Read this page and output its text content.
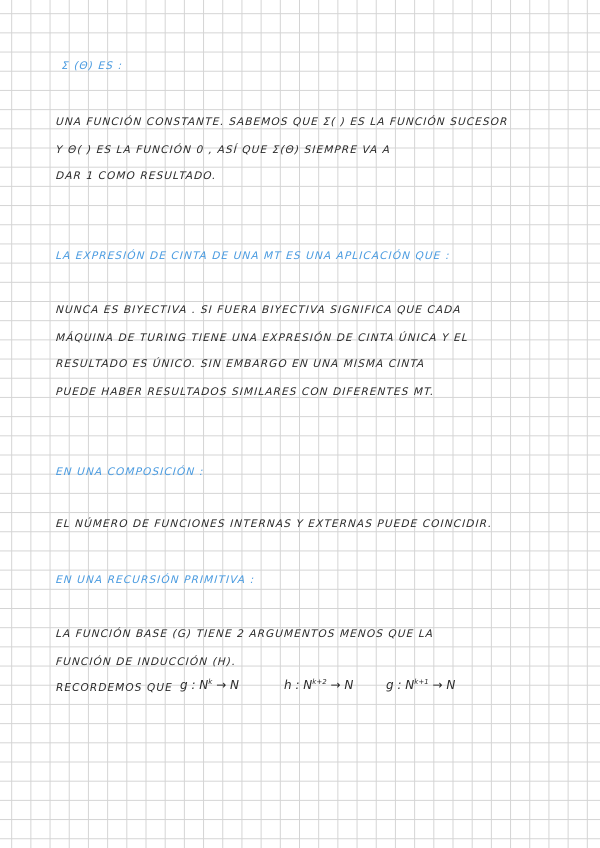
Σ (Θ) ES :
UNA FUNCIÓN CONSTANTE. SABEMOS QUE Σ( ) ES LA FUNCIÓN SUCESOR
Y Θ( ) ES LA FUNCIÓN 0 , ASÍ QUE Σ(Θ) SIEMPRE VA A
DAR 1 COMO RESULTADO.
LA EXPRESIÓN DE CINTA DE UNA MT ES UNA APLICACIÓN QUE :
NUNCA ES BIYECTIVA . SI FUERA BIYECTIVA SIGNIFICA QUE CADA
MÁQUINA DE TURING TIENE UNA EXPRESIÓN DE CINTA ÚNICA Y EL
RESULTADO ES ÚNICO. SIN EMBARGO EN UNA MISMA CINTA
PUEDE HABER RESULTADOS SIMILARES CON DIFERENTES MT.
EN UNA COMPOSICIÓN :
EL NÚMERO DE FUNCIONES INTERNAS Y EXTERNAS PUEDE COINCIDIR.
EN UNA RECURSIÓN PRIMITIVA :
LA FUNCIÓN BASE (G) TIENE 2 ARGUMENTOS MENOS QUE LA
FUNCIÓN DE INDUCCIÓN (H).
RECORDEMOS QUE g : $N^k \to N$	h : $N^{k+2} \to N$	g : $N^{k+1} \to N$
